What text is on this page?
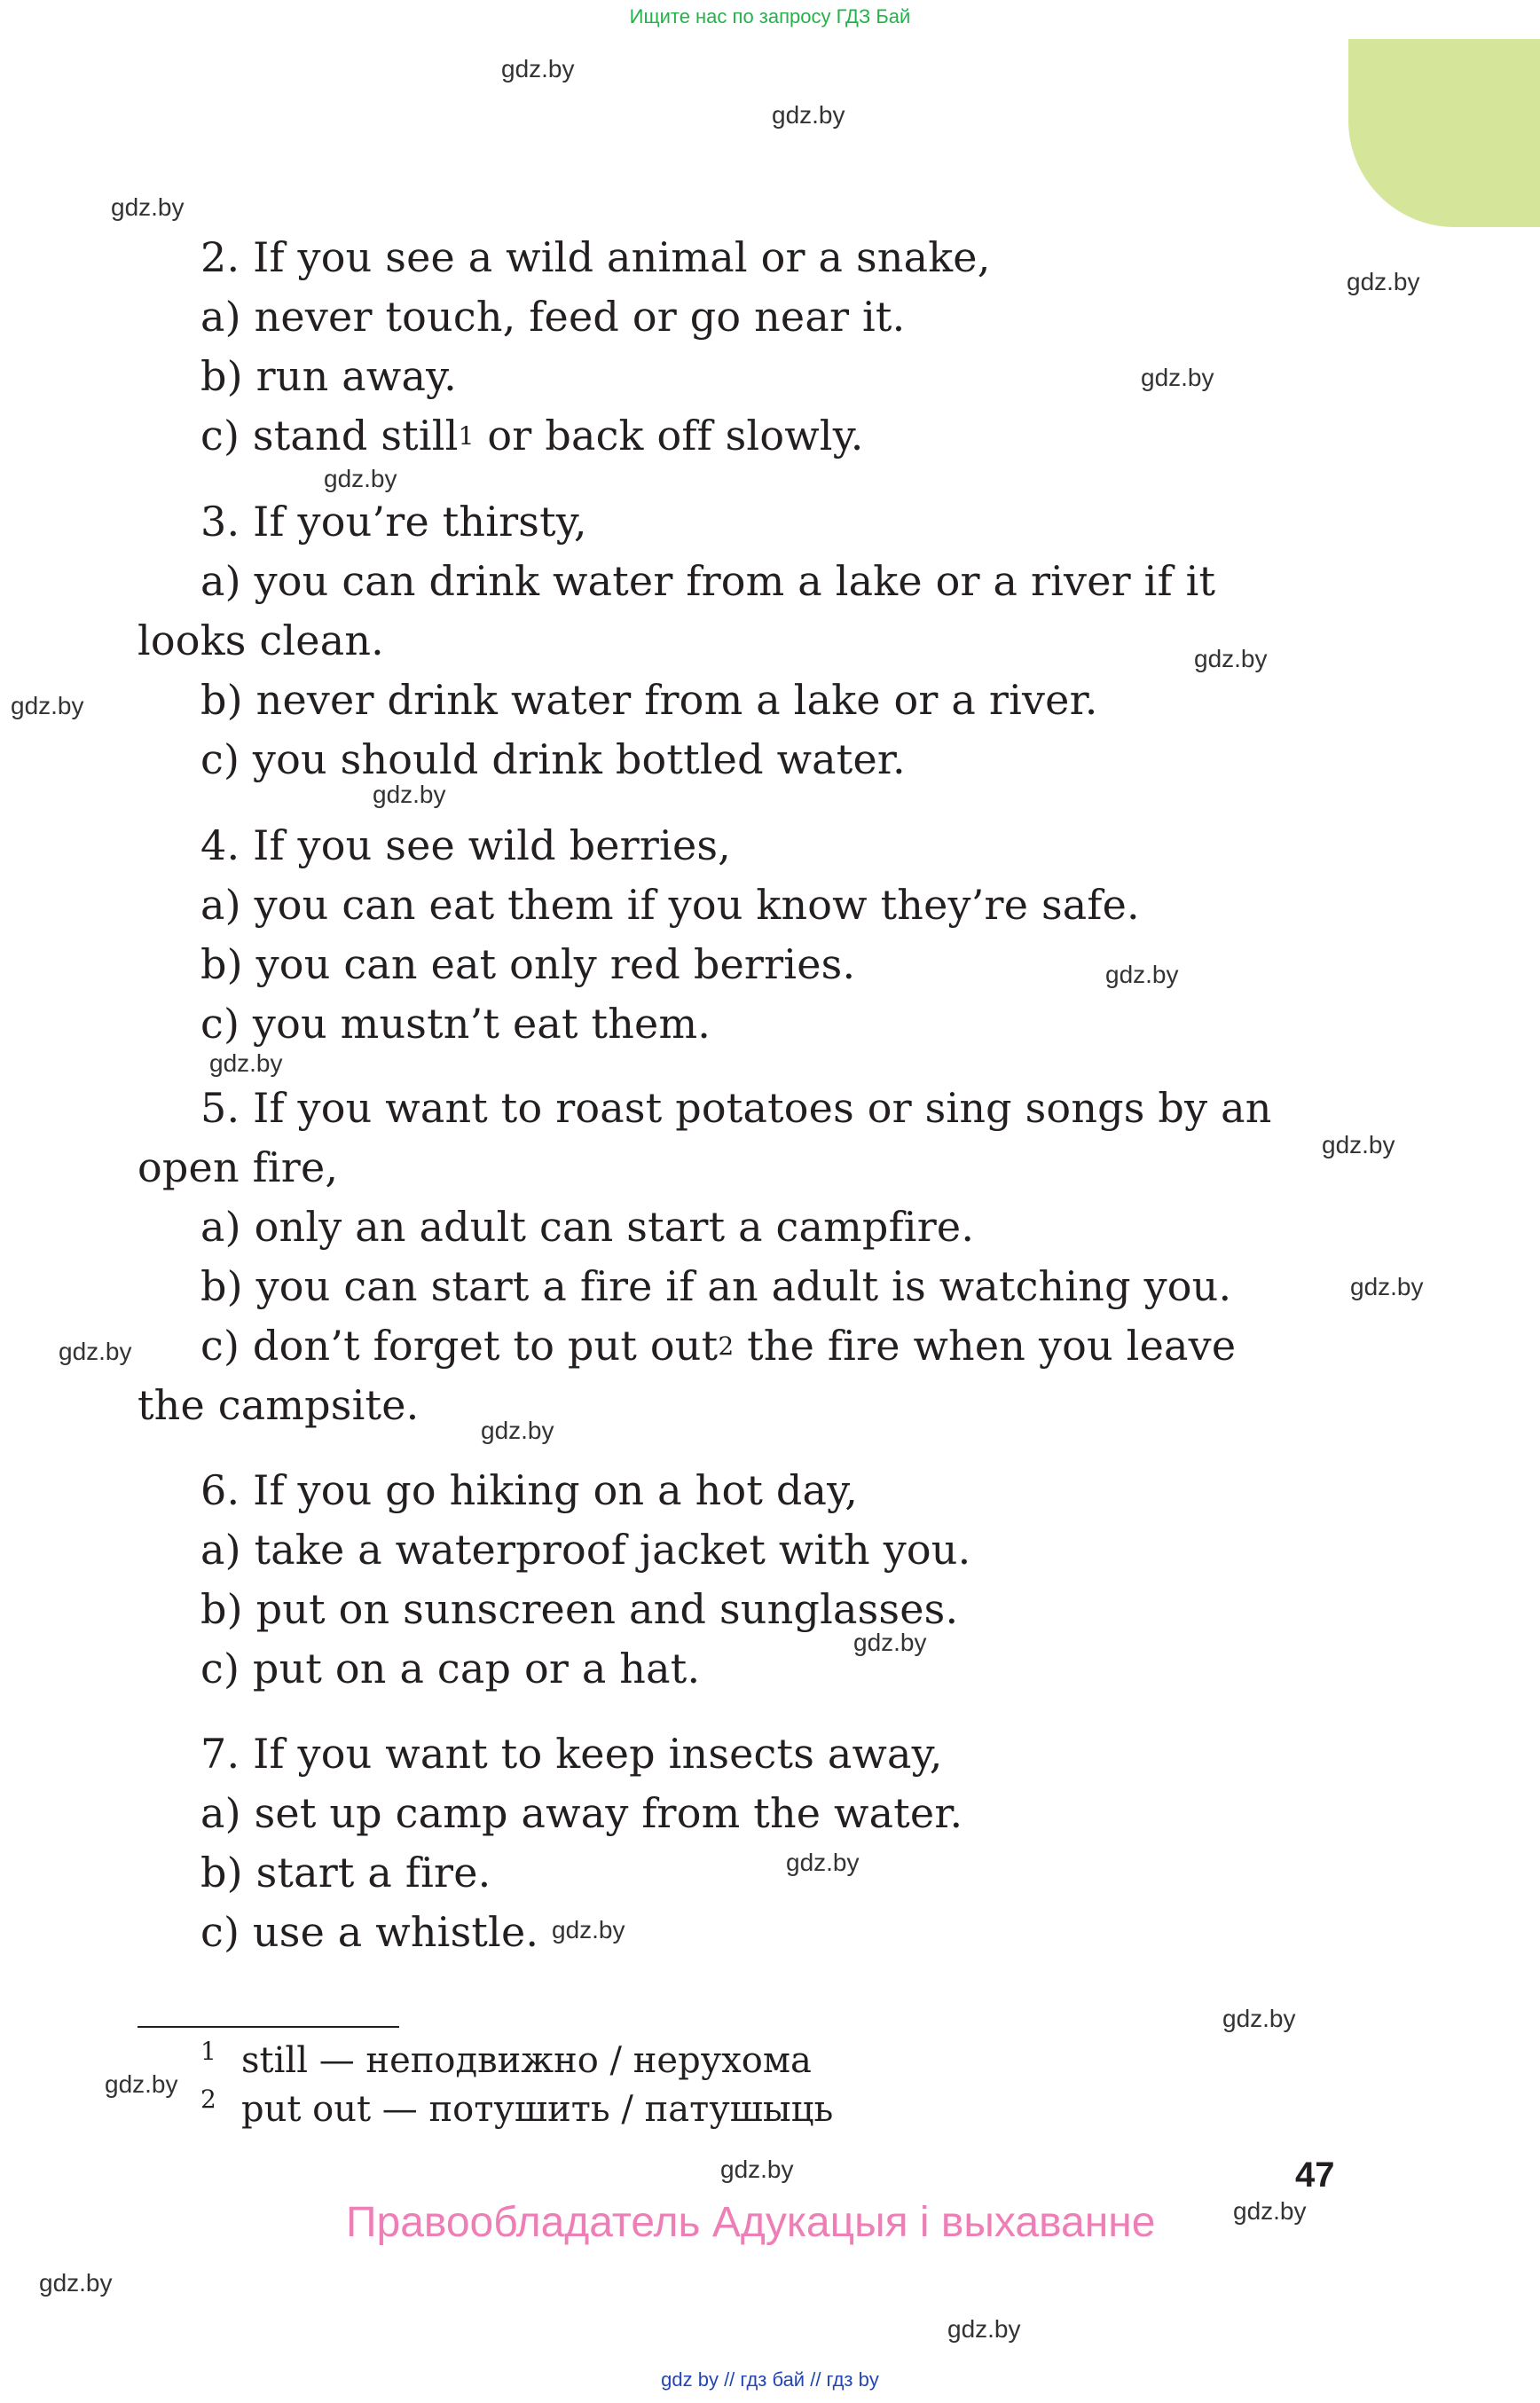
Ищите нас по запросу ГДЗ Бай
gdz.by
gdz.by
gdz.by
gdz.by
gdz.by
gdz.by
gdz.by
gdz.by
gdz.by
gdz.by
gdz.by
gdz.by
gdz.by
gdz.by
gdz.by
gdz.by
gdz.by
gdz.by
gdz.by
gdz.by
gdz.by
gdz.by
gdz.by
gdz.by
2. If you see a wild animal or a snake,
a) never touch, feed or go near it.
b) run away.
c) stand still$^1$ or back off slowly.
3. If you’re thirsty,
a) you can drink water from a lake or a river if it
looks clean.
b) never drink water from a lake or a river.
c) you should drink bottled water.
4. If you see wild berries,
a) you can eat them if you know they’re safe.
b) you can eat only red berries.
c) you mustn’t eat them.
5. If you want to roast potatoes or sing songs by an
open fire,
a) only an adult can start a campfire.
b) you can start a fire if an adult is watching you.
c) don’t forget to put out$^2$ the fire when you leave
the campsite.
6. If you go hiking on a hot day,
a) take a waterproof jacket with you.
b) put on sunscreen and sunglasses.
c) put on a cap or a hat.
7. If you want to keep insects away,
a) set up camp away from the water.
b) start a fire.
c) use a whistle.
1 still — неподвижно / нерухома
2 put out — потушить / патушыць
47
Правообладатель Адукацыя і выхаванне
gdz by // гдз бай // гдз by
